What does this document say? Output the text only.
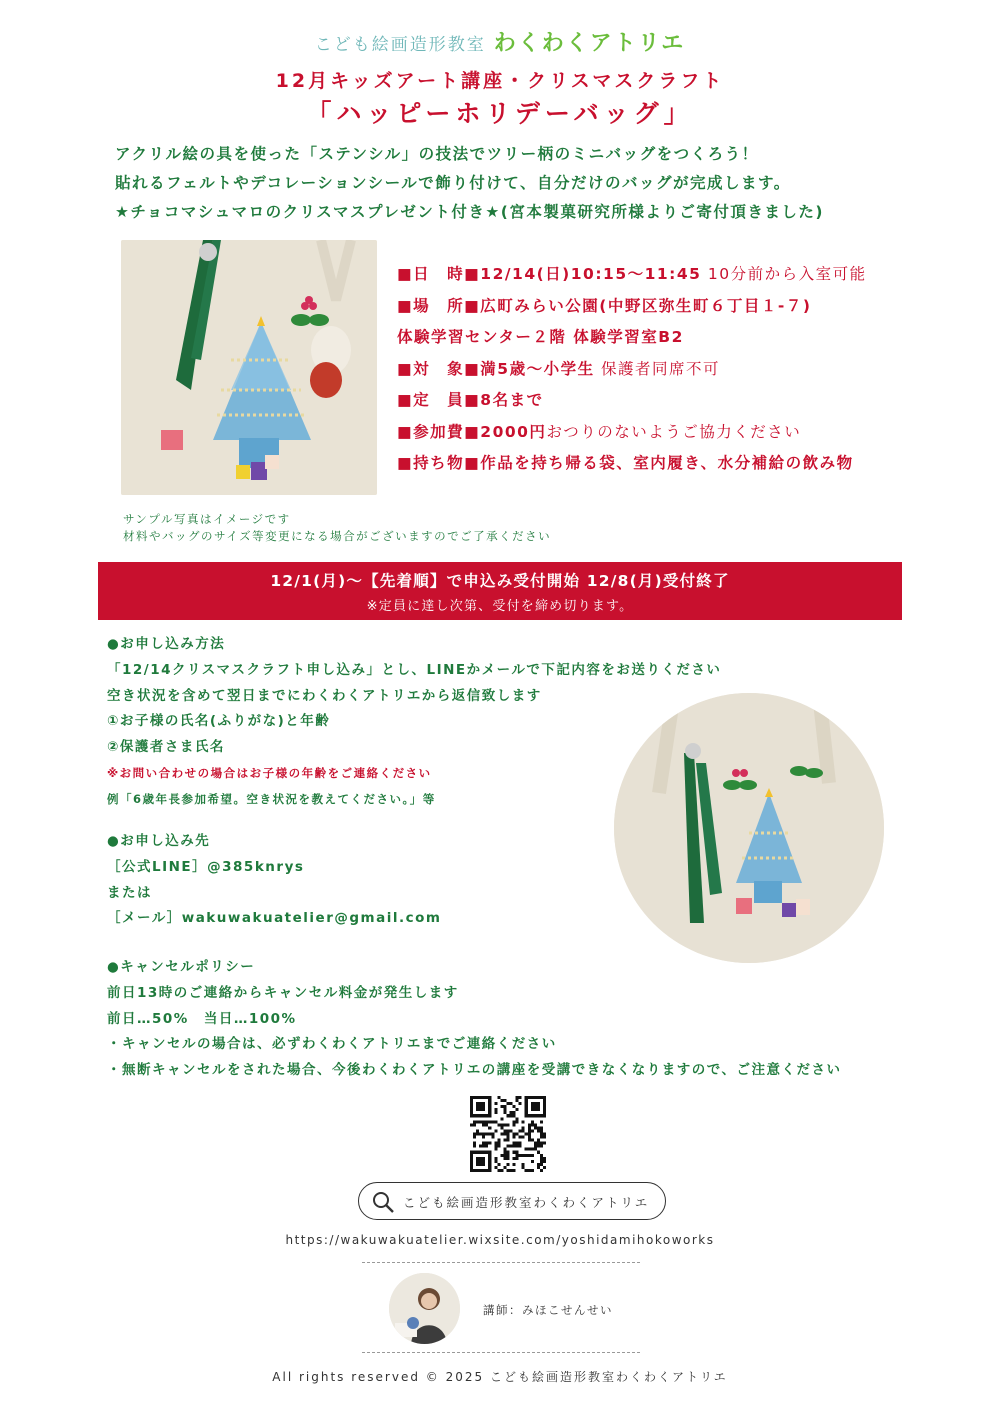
こども絵画造形教室 わくわくアトリエ
12月キッズアート講座・クリスマスクラフト
「ハッピーホリデーバッグ」
アクリル絵の具を使った「ステンシル」の技法でツリー柄のミニバッグをつくろう！
貼れるフェルトやデコレーションシールで飾り付けて、自分だけのバッグが完成します。
★チョコマシュマロのクリスマスプレゼント付き★(宮本製菓研究所様よりご寄付頂きました)
■日　時■12/14(日)10:15〜11:45 10分前から入室可能
■場　所■広町みらい公園(中野区弥生町６丁目１-７)
体験学習センター２階 体験学習室B2
■対　象■満5歳〜小学生 保護者同席不可
■定　員■8名まで
■参加費■2000円おつりのないようご協力ください
■持ち物■作品を持ち帰る袋、室内履き、水分補給の飲み物
サンプル写真はイメージです
材料やバッグのサイズ等変更になる場合がございますのでご了承ください
12/1(月)〜【先着順】で申込み受付開始 12/8(月)受付終了
※定員に達し次第、受付を締め切ります。
●お申し込み方法
「12/14クリスマスクラフト申し込み」とし、LINEかメールで下記内容をお送りください
空き状況を含めて翌日までにわくわくアトリエから返信致します
①お子様の氏名(ふりがな)と年齢
②保護者さま氏名
※お問い合わせの場合はお子様の年齢をご連絡ください
例「6歳年長参加希望。空き状況を教えてください。」等
●お申し込み先
［公式LINE］@385knrys
または
［メール］wakuwakuatelier@gmail.com
●キャンセルポリシー
前日13時のご連絡からキャンセル料金が発生します
前日…50%　当日…100%
・キャンセルの場合は、必ずわくわくアトリエまでご連絡ください
・無断キャンセルをされた場合、今後わくわくアトリエの講座を受講できなくなりますので、ご注意ください
こども絵画造形教室わくわくアトリエ
https://wakuwakuatelier.wixsite.com/yoshidamihokoworks
講師：みほこせんせい
All rights reserved © 2025 こども絵画造形教室わくわくアトリエ
